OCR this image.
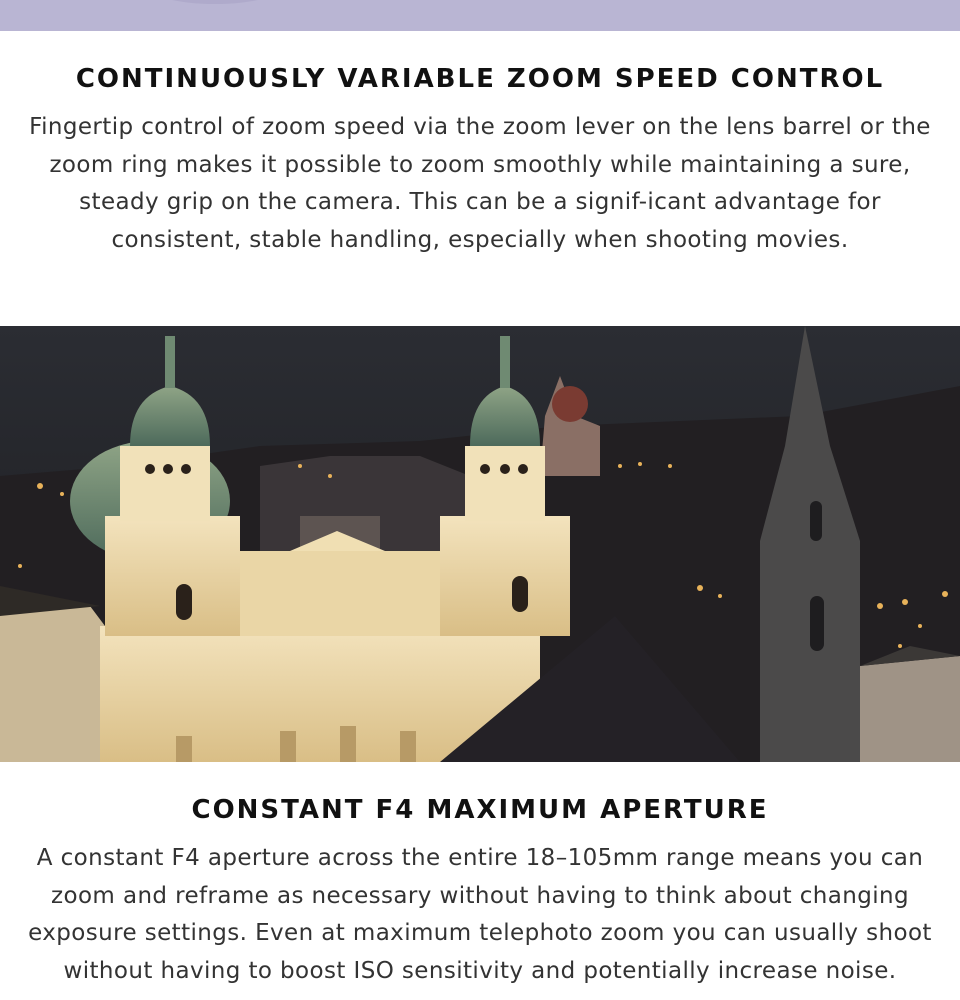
CONTINUOUSLY VARIABLE ZOOM SPEED CONTROL

Fingertip control of zoom speed via the zoom lever on the lens barrel or the zoom ring makes it possible to zoom smoothly while maintaining a sure, steady grip on the camera. This can be a signif-icant advantage for consistent, stable handling, especially when shooting movies.

CONSTANT F4 MAXIMUM APERTURE

A constant F4 aperture across the entire 18–105mm range means you can zoom and reframe as necessary without having to think about changing exposure settings. Even at maximum telephoto zoom you can usually shoot without having to boost ISO sensitivity and potentially increase noise.
